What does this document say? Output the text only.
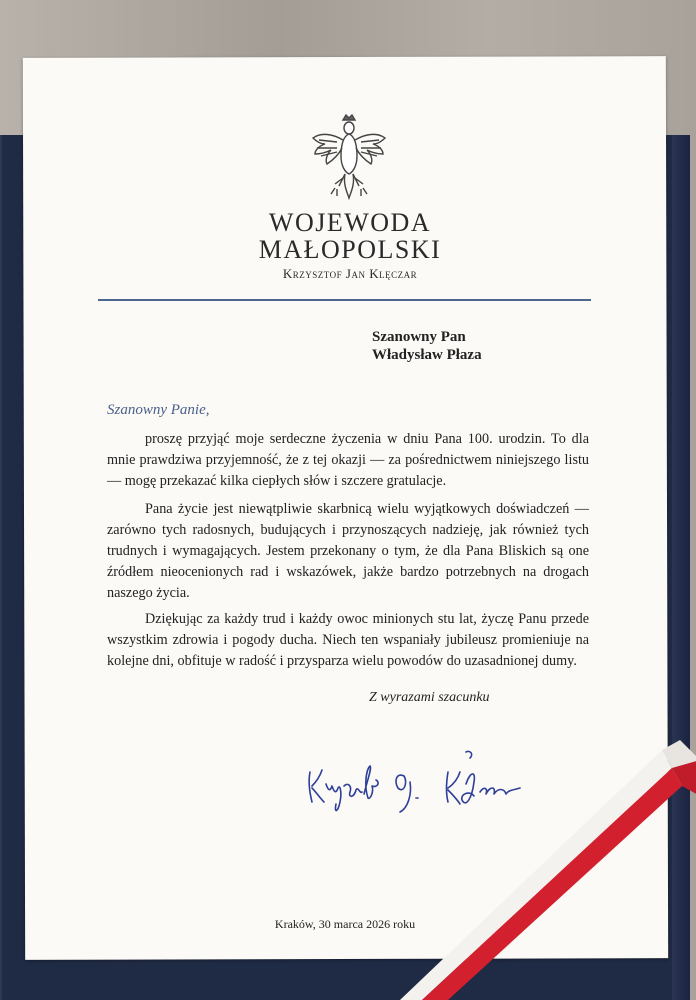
WOJEWODA
MAŁOPOLSKI
Krzysztof Jan Klęczar
Szanowny Pan
Władysław Płaza
Szanowny Panie,

proszę przyjąć moje serdeczne życzenia w dniu Pana 100. urodzin. To dla mnie prawdziwa przyjemność, że z tej okazji — za pośrednictwem niniejszego listu — mogę przekazać kilka ciepłych słów i szczere gratulacje.

Pana życie jest niewątpliwie skarbnicą wielu wyjątkowych doświadczeń — zarówno tych radosnych, budujących i przynoszących nadzieję, jak również tych trudnych i wymagających. Jestem przekonany o tym, że dla Pana Bliskich są one źródłem nieocenionych rad i wskazówek, jakże bardzo potrzebnych na drogach naszego życia.

Dziękując za każdy trud i każdy owoc minionych stu lat, życzę Panu przede wszystkim zdrowia i pogody ducha. Niech ten wspaniały jubileusz promieniuje na kolejne dni, obfituje w radość i przysparza wielu powodów do uzasadnionej dumy.

Z wyrazami szacunku
Kraków, 30 marca 2026 roku
